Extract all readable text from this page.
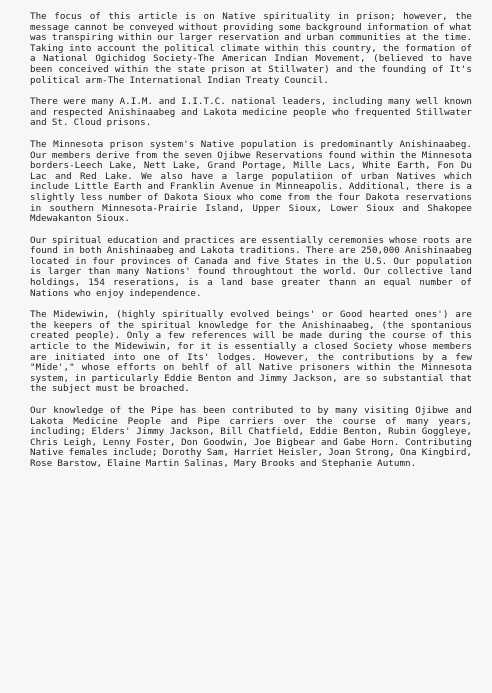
The focus of this article is on Native spirituality in prison; however, the message cannot be conveyed without providing some background information of what was transpiring within our larger reservation and urban communities at the time. Taking into account the political climate within this country, the formation of a National Ogichidog Society-The American Indian Movement, (believed to have been conceived within the state prison at Stillwater) and the founding of It's political arm-The International Indian Treaty Council.

There were many A.I.M. and I.I.T.C. national leaders, including many well known and respected Anishinaabeg and Lakota medicine people who frequented Stillwater and St. Cloud prisons.

The Minnesota prison system's Native population is predominantly Anishinaabeg. Our members derive from the seven Ojibwe Reservations found within the Minnesota borders-Leech Lake, Nett Lake, Grand Portage, Mille Lacs, White Earth, Fon Du Lac and Red Lake. We also have a large populatiion of urban Natives which include Little Earth and Franklin Avenue in Minneapolis. Additional, there is a slightly less number of Dakota Sioux who come from the four Dakota reservations in southern Minnesota-Prairie Island, Upper Sioux, Lower Sioux and Shakopee Mdewakanton Sioux.

Our spiritual education and practices are essentially ceremonies whose roots are found in both Anishinaabeg and Lakota traditions. There are 250,000 Anishinaabeg located in four provinces of Canada and five States in the U.S. Our population is larger than many Nations' found throughtout the world. Our collective land holdings, 154 reserations, is a land base greater thann an equal number of Nations who enjoy independence.

The Midewiwin, (highly spiritually evolved beings' or Good hearted ones') are the keepers of the spiritual knowledge for the Anishinaabeg, (the spontanious created people). Only a few references will be made during the course of this article to the Midewiwin, for it is essentially a closed Society whose members are initiated into one of Its' lodges. However, the contributions by a few "Mide'," whose efforts on behlf of all Native prisoners within the Minnesota system, in particularly Eddie Benton and Jimmy Jackson, are so substantial that the subject must be broached.

Our knowledge of the Pipe has been contributed to by many visiting Ojibwe and Lakota Medicine People and Pipe carriers over the course of many years, including; Elders' Jimmy Jackson, Bill Chatfield, Eddie Benton, Rubin Goggleye, Chris Leigh, Lenny Foster, Don Goodwin, Joe Bigbear and Gabe Horn. Contributing Native females include; Dorothy Sam, Harriet Heisler, Joan Strong, Ona Kingbird, Rose Barstow, Elaine Martin Salinas, Mary Brooks and Stephanie Autumn.
